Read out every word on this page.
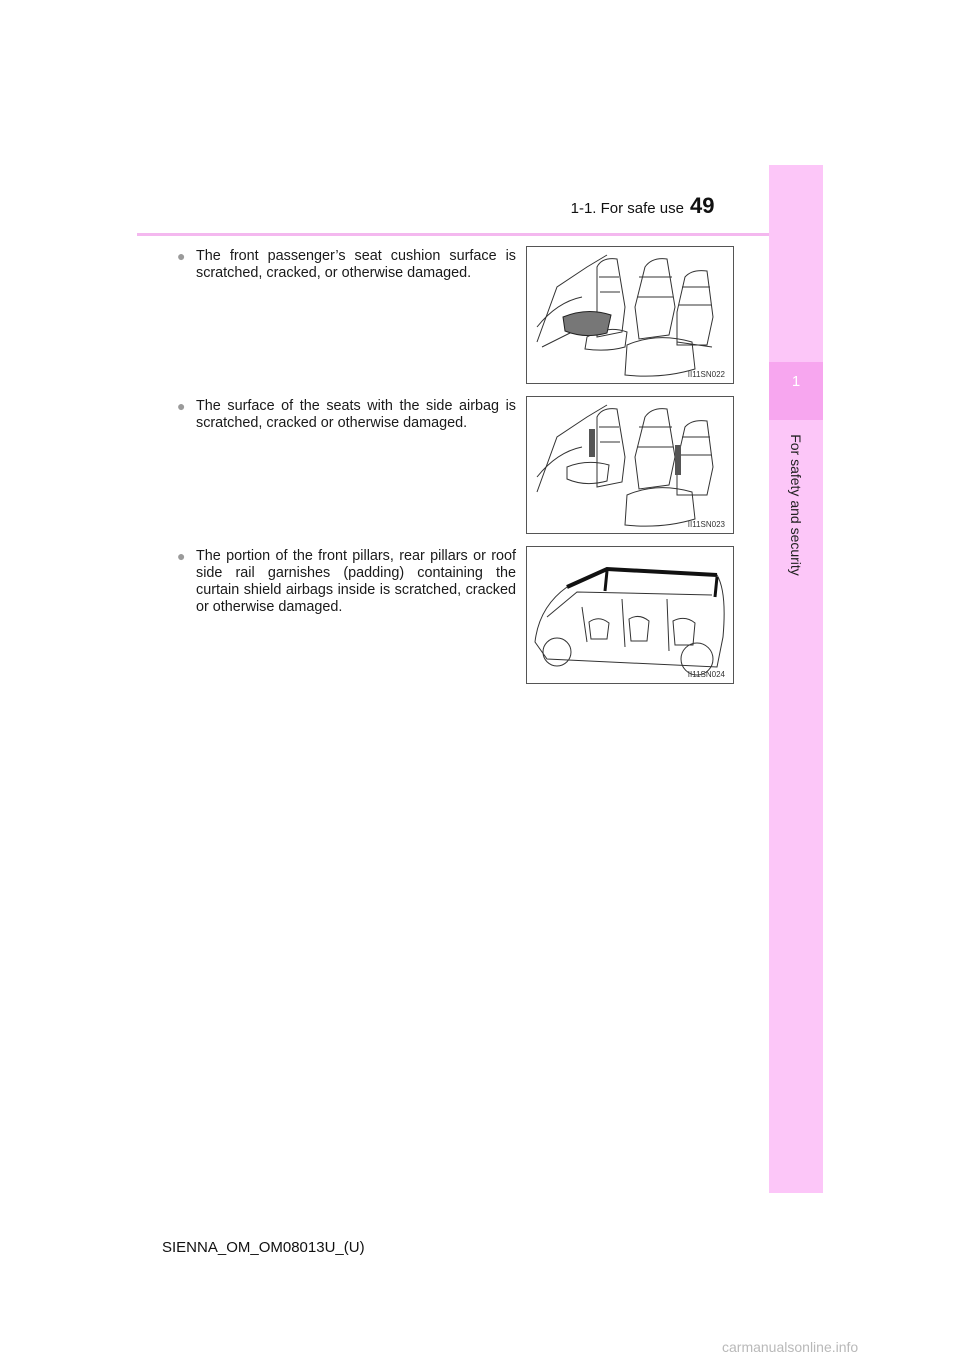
1-1. For safe use 49
1
For safety and security
● The front passenger’s seat cushion surface is scratched, cracked, or otherwise damaged.

II11SN022
● The surface of the seats with the side airbag is scratched, cracked or otherwise damaged.

II11SN023
● The portion of the front pillars, rear pillars or roof side rail garnishes (padding) containing the curtain shield airbags inside is scratched, cracked or otherwise damaged.

II11SN024
SIENNA_OM_OM08013U_(U)
carmanualsonline.info
